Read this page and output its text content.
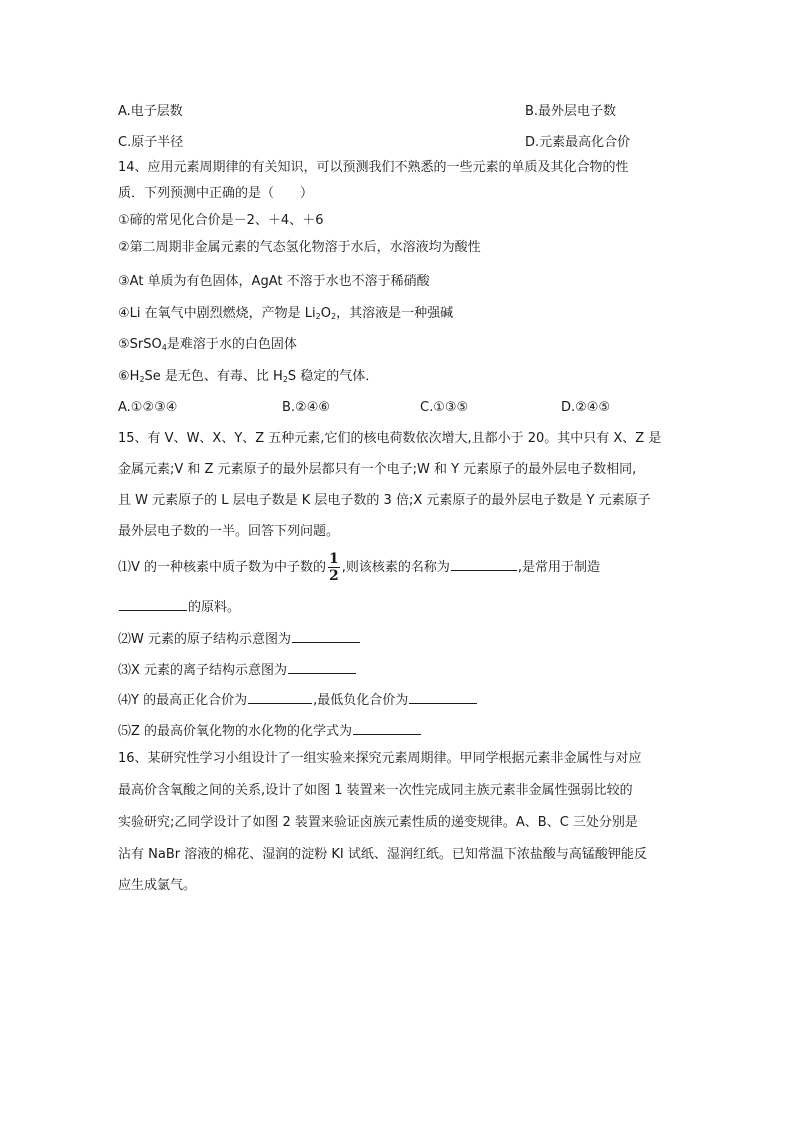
A.电子层数	B.最外层电子数
C.原子半径	D.元素最高化合价
14、应用元素周期律的有关知识，可以预测我们不熟悉的一些元素的单质及其化合物的性
质．下列预测中正确的是（　　）
①碲的常见化合价是－2、＋4、＋6
②第二周期非金属元素的气态氢化物溶于水后，水溶液均为酸性
③At 单质为有色固体，AgAt 不溶于水也不溶于稀硝酸
④Li 在氧气中剧烈燃烧，产物是 $Li_2O_2$，其溶液是一种强碱
⑤SrSO$_4$是难溶于水的白色固体
$⑥H_2Se$ 是无色、有毒、比 $H_2S$ 稳定的气体．
A.①②③④	B.②④⑥	C.①③⑤	D.②④⑤
15、有 V、W、X、Y、Z 五种元素,它们的核电荷数依次增大,且都小于 20。其中只有 X、Z 是
金属元素;V 和 Z 元素原子的最外层都只有一个电子;W 和 Y 元素原子的最外层电子数相同,
且 W 元素原子的 L 层电子数是 K 层电子数的 3 倍;X 元素原子的最外层电子数是 Y 元素原子
最外层电子数的一半。回答下列问题。
⑴V 的一种核素中质子数为中子数的 $\frac{1}{2}$ ,则该核素的名称为	,是常用于制造
的原料。
⑵W 元素的原子结构示意图为
⑶X 元素的离子结构示意图为
⑷Y 的最高正化合价为	,最低负化合价为
⑸Z 的最高价氧化物的水化物的化学式为
16、某研究性学习小组设计了一组实验来探究元素周期律。甲同学根据元素非金属性与对应
最高价含氧酸之间的关系,设计了如图 1 装置来一次性完成同主族元素非金属性强弱比较的
实验研究;乙同学设计了如图 2 装置来验证卤族元素性质的递变规律。A、B、C 三处分别是
沾有 NaBr 溶液的棉花、湿润的淀粉 KI 试纸、湿润红纸。已知常温下浓盐酸与高锰酸钾能反
应生成氯气。
